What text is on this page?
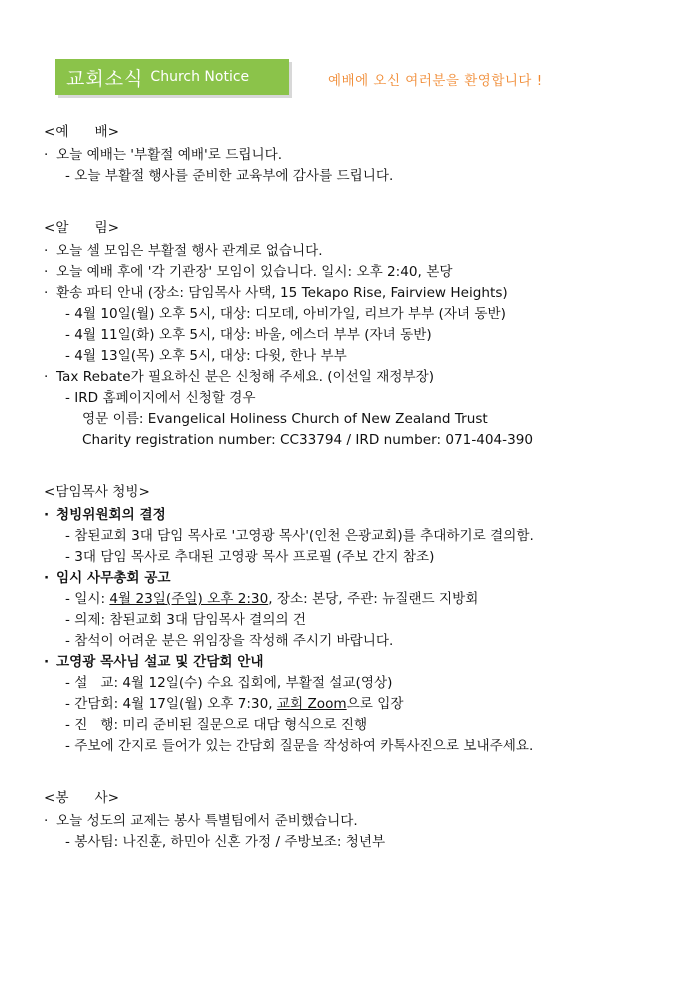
교회소식 Church Notice	예배에 오신 여러분을 환영합니다 !
<예      배>
· 오늘 예배는 '부활절 예배'로 드립니다.
- 오늘 부활절 행사를 준비한 교육부에 감사를 드립니다.
<알      림>
· 오늘 셀 모임은 부활절 행사 관계로 없습니다.
· 오늘 예배 후에 '각 기관장' 모임이 있습니다. 일시: 오후 2:40, 본당
· 환송 파티 안내 (장소: 담임목사 사택, 15 Tekapo Rise, Fairview Heights)
- 4월 10일(월) 오후 5시, 대상: 디모데, 아비가일, 리브가 부부 (자녀 동반)
- 4월 11일(화) 오후 5시, 대상: 바울, 에스더 부부 (자녀 동반)
- 4월 13일(목) 오후 5시, 대상: 다윗, 한나 부부
· Tax Rebate가 필요하신 분은 신청해 주세요. (이선일 재정부장)
- IRD 홈페이지에서 신청할 경우
영문 이름: Evangelical Holiness Church of New Zealand Trust
Charity registration number: CC33794 / IRD number: 071-404-390
<담임목사 청빙>
· 청빙위원회의 결정
- 참된교회 3대 담임 목사로 '고영광 목사'(인천 은광교회)를 추대하기로 결의함.
- 3대 담임 목사로 추대된 고영광 목사 프로필 (주보 간지 참조)
· 임시 사무총회 공고
- 일시: 4월 23일(주일) 오후 2:30, 장소: 본당, 주관: 뉴질랜드 지방회
- 의제: 참된교회 3대 담임목사 결의의 건
- 참석이 어려운 분은 위임장을 작성해 주시기 바랍니다.
· 고영광 목사님 설교 및 간담회 안내
- 설   교: 4월 12일(수) 수요 집회에, 부활절 설교(영상)
- 간담회: 4월 17일(월) 오후 7:30, 교회 Zoom으로 입장
- 진   행: 미리 준비된 질문으로 대담 형식으로 진행
- 주보에 간지로 들어가 있는 간담회 질문을 작성하여 카톡사진으로 보내주세요.
<봉      사>
· 오늘 성도의 교제는 봉사 특별팀에서 준비했습니다.
- 봉사팀: 나진훈, 하민아 신혼 가정 / 주방보조: 청년부
